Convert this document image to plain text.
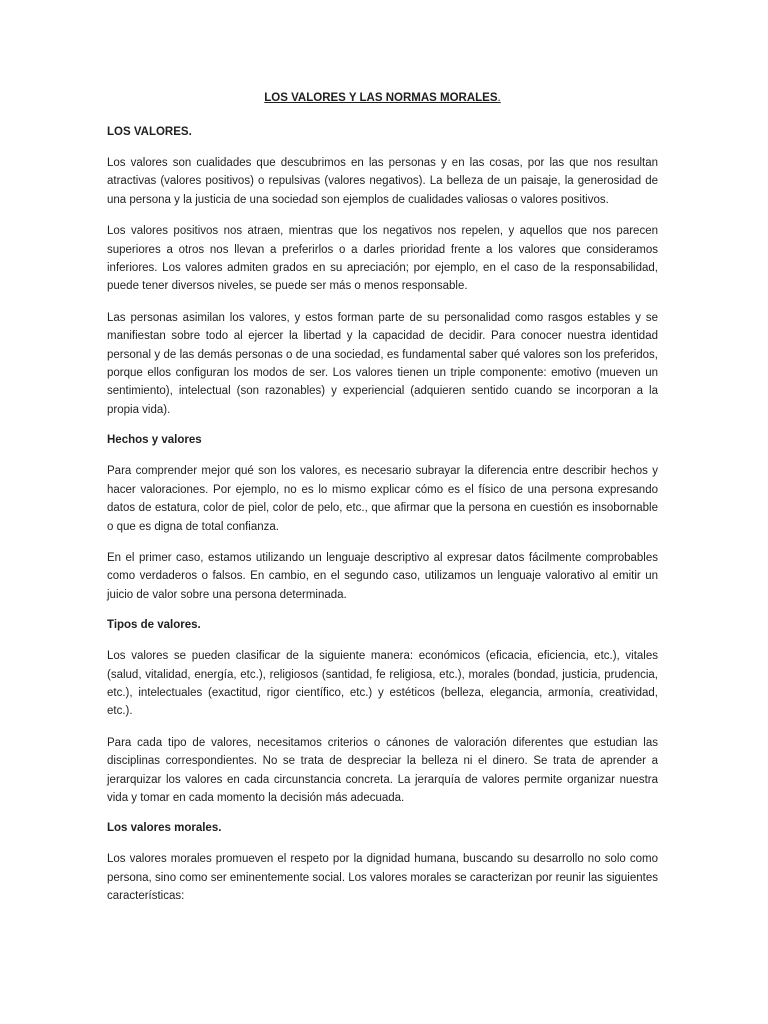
LOS VALORES Y LAS NORMAS MORALES.
LOS VALORES.

Los valores son cualidades que descubrimos en las personas y en las cosas, por las que nos resultan atractivas (valores positivos) o repulsivas (valores negativos). La belleza de un paisaje, la generosidad de una persona y la justicia de una sociedad son ejemplos de cualidades valiosas o valores positivos.

Los valores positivos nos atraen, mientras que los negativos nos repelen, y aquellos que nos parecen superiores a otros nos llevan a preferirlos o a darles prioridad frente a los valores que consideramos inferiores. Los valores admiten grados en su apreciación; por ejemplo, en el caso de la responsabilidad, puede tener diversos niveles, se puede ser más o menos responsable.

Las personas asimilan los valores, y estos forman parte de su personalidad como rasgos estables y se manifiestan sobre todo al ejercer la libertad y la capacidad de decidir. Para conocer nuestra identidad personal y de las demás personas o de una sociedad, es fundamental saber qué valores son los preferidos, porque ellos configuran los modos de ser. Los valores tienen un triple componente: emotivo (mueven un sentimiento), intelectual (son razonables) y experiencial (adquieren sentido cuando se incorporan a la propia vida).

Hechos y valores

Para comprender mejor qué son los valores, es necesario subrayar la diferencia entre describir hechos y hacer valoraciones. Por ejemplo, no es lo mismo explicar cómo es el físico de una persona expresando datos de estatura, color de piel, color de pelo, etc., que afirmar que la persona en cuestión es insobornable o que es digna de total confianza.

En el primer caso, estamos utilizando un lenguaje descriptivo al expresar datos fácilmente comprobables como verdaderos o falsos. En cambio, en el segundo caso, utilizamos un lenguaje valorativo al emitir un juicio de valor sobre una persona determinada.

Tipos de valores.

Los valores se pueden clasificar de la siguiente manera: económicos (eficacia, eficiencia, etc.), vitales (salud, vitalidad, energía, etc.), religiosos (santidad, fe religiosa, etc.), morales (bondad, justicia, prudencia, etc.), intelectuales (exactitud, rigor científico, etc.) y estéticos (belleza, elegancia, armonía, creatividad, etc.).

Para cada tipo de valores, necesitamos criterios o cánones de valoración diferentes que estudian las disciplinas correspondientes. No se trata de despreciar la belleza ni el dinero. Se trata de aprender a jerarquizar los valores en cada circunstancia concreta. La jerarquía de valores permite organizar nuestra vida y tomar en cada momento la decisión más adecuada.

Los valores morales.

Los valores morales promueven el respeto por la dignidad humana, buscando su desarrollo no solo como persona, sino como ser eminentemente social. Los valores morales se caracterizan por reunir las siguientes características:
